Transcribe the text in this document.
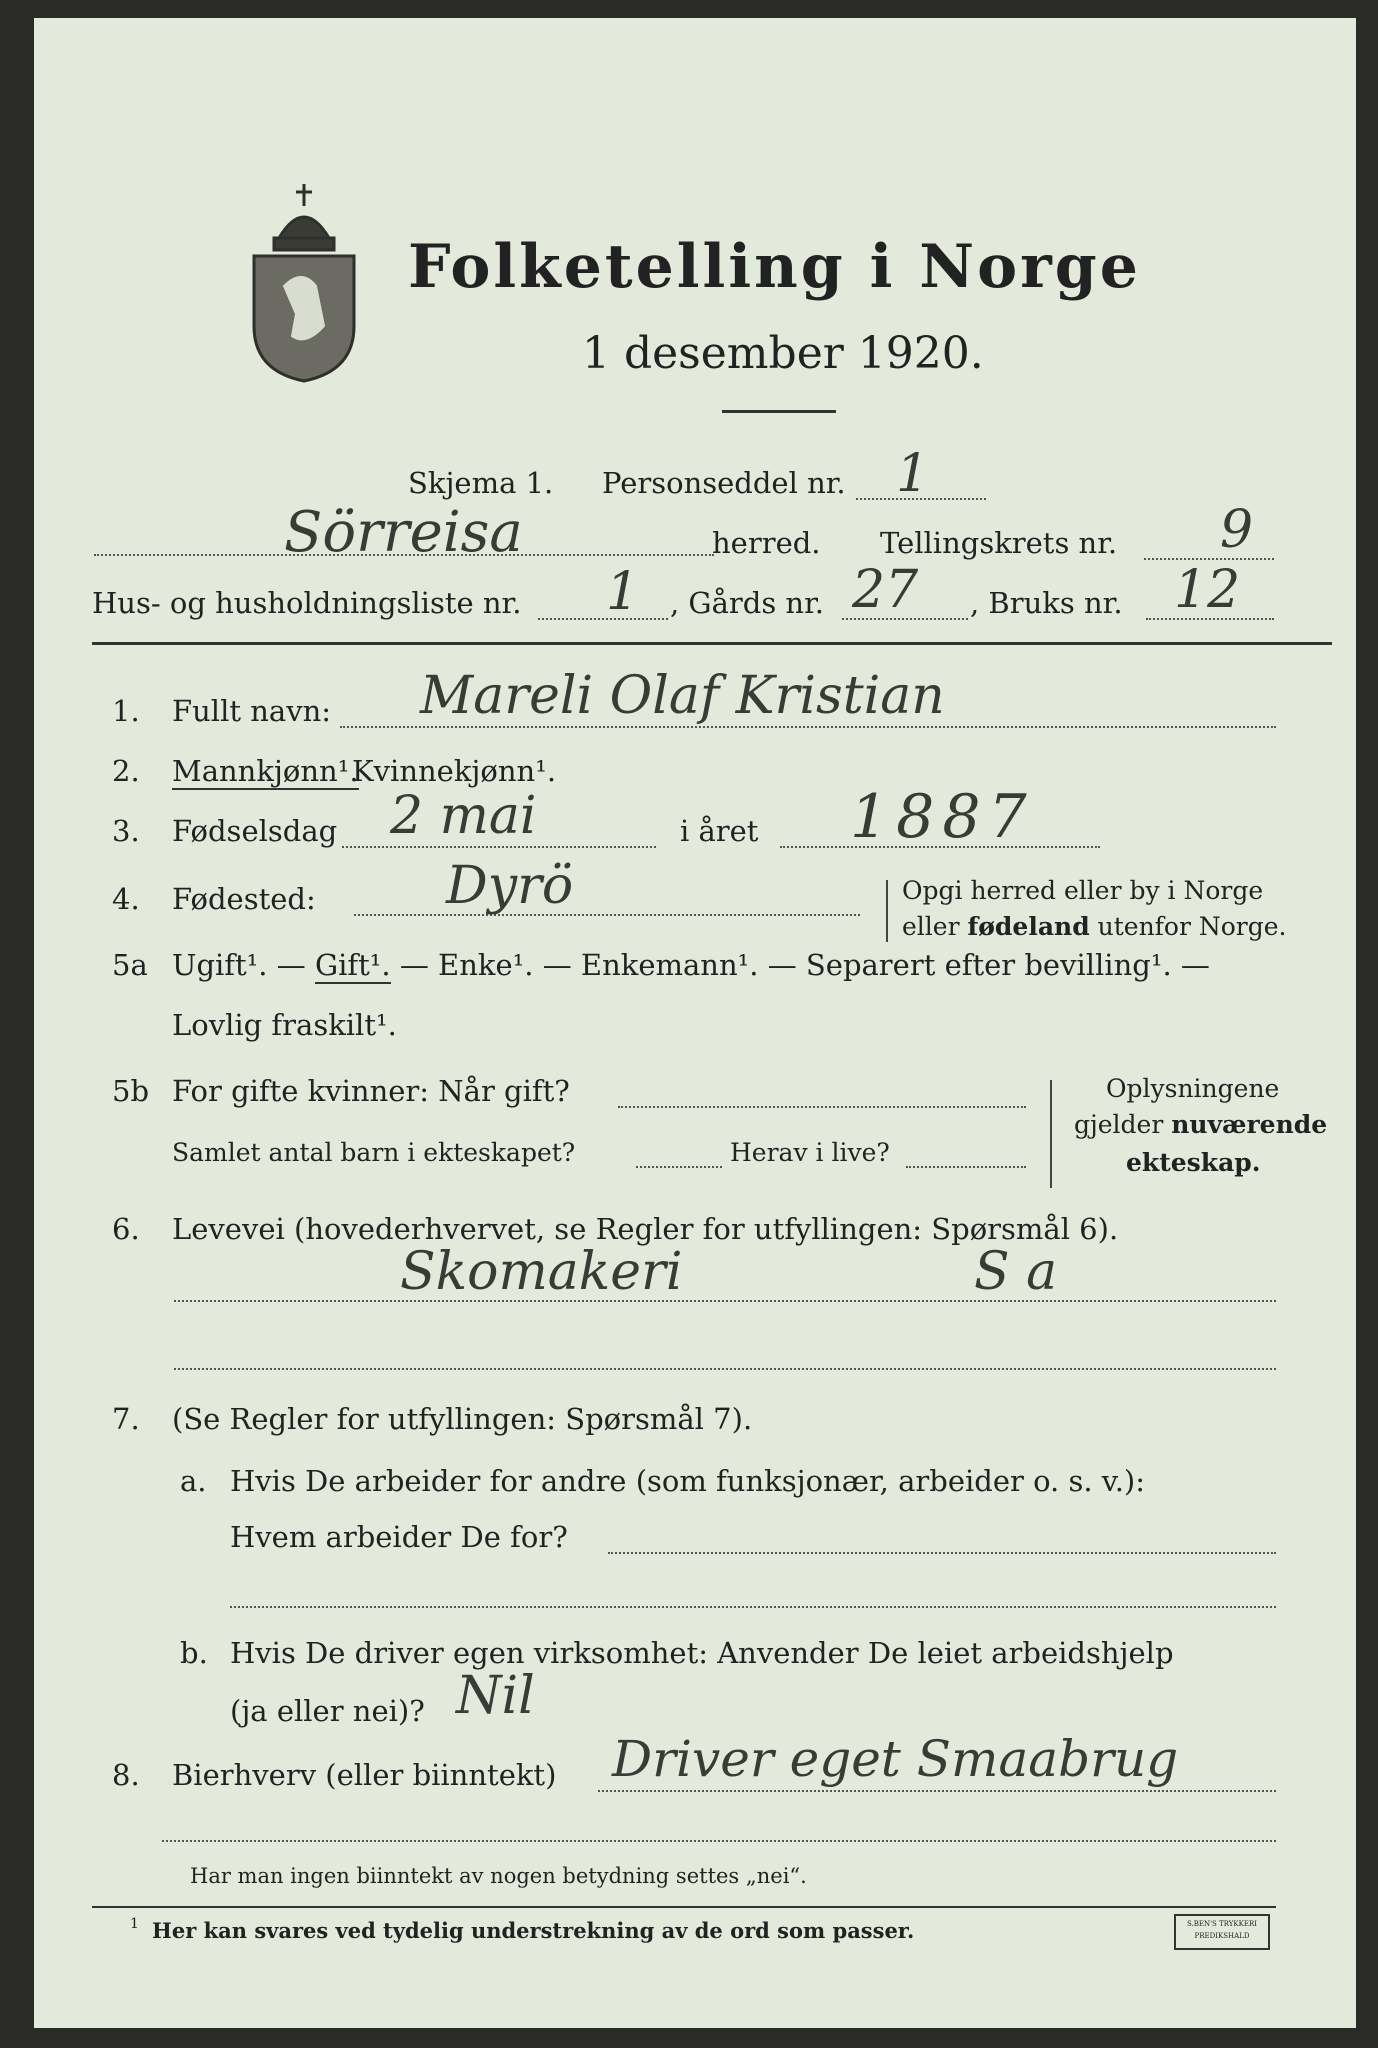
Folketelling i Norge
1 desember 1920.
Skjema 1. Personseddel nr. 1
Sörreisa	herred. Tellingskrets nr. 9
Hus- og husholdningsliste nr. 1 , Gårds nr. 27 , Bruks nr. 12
1. Fullt navn: Mareli Olaf Kristian
2. Mannkjønn¹.
Kvinnekjønn¹.
3. Fødselsdag 2 mai	i året 1887
4. Fødested:	Dyrö	Opgi herred eller by i Norge
eller fødeland utenfor Norge.
5a Ugift¹. — Gift¹. — Enke¹. — Enkemann¹. — Separert efter bevilling¹. —
Lovlig fraskilt¹.
5b For gifte kvinner: Når gift?
Samlet antal barn i ekteskapet?	Herav i live?
Oplysningene
gjelder nuværende
ekteskap.
6. Levevei (hovederhvervet, se Regler for utfyllingen: Spørsmål 6).
Skomakeri	S a
7. (Se Regler for utfyllingen: Spørsmål 7).
a. Hvis De arbeider for andre (som funksjonær, arbeider o. s. v.):
Hvem arbeider De for?
b. Hvis De driver egen virksomhet: Anvender De leiet arbeidshjelp
(ja eller nei)? Nil
8. Bierhverv (eller biinntekt) Driver eget Smaabrug
Har man ingen biinntekt av nogen betydning settes „nei“.
1 Her kan svares ved tydelig understrekning av de ord som passer.	S.BEN'S TRYKKERI
PREDIKSHALD
